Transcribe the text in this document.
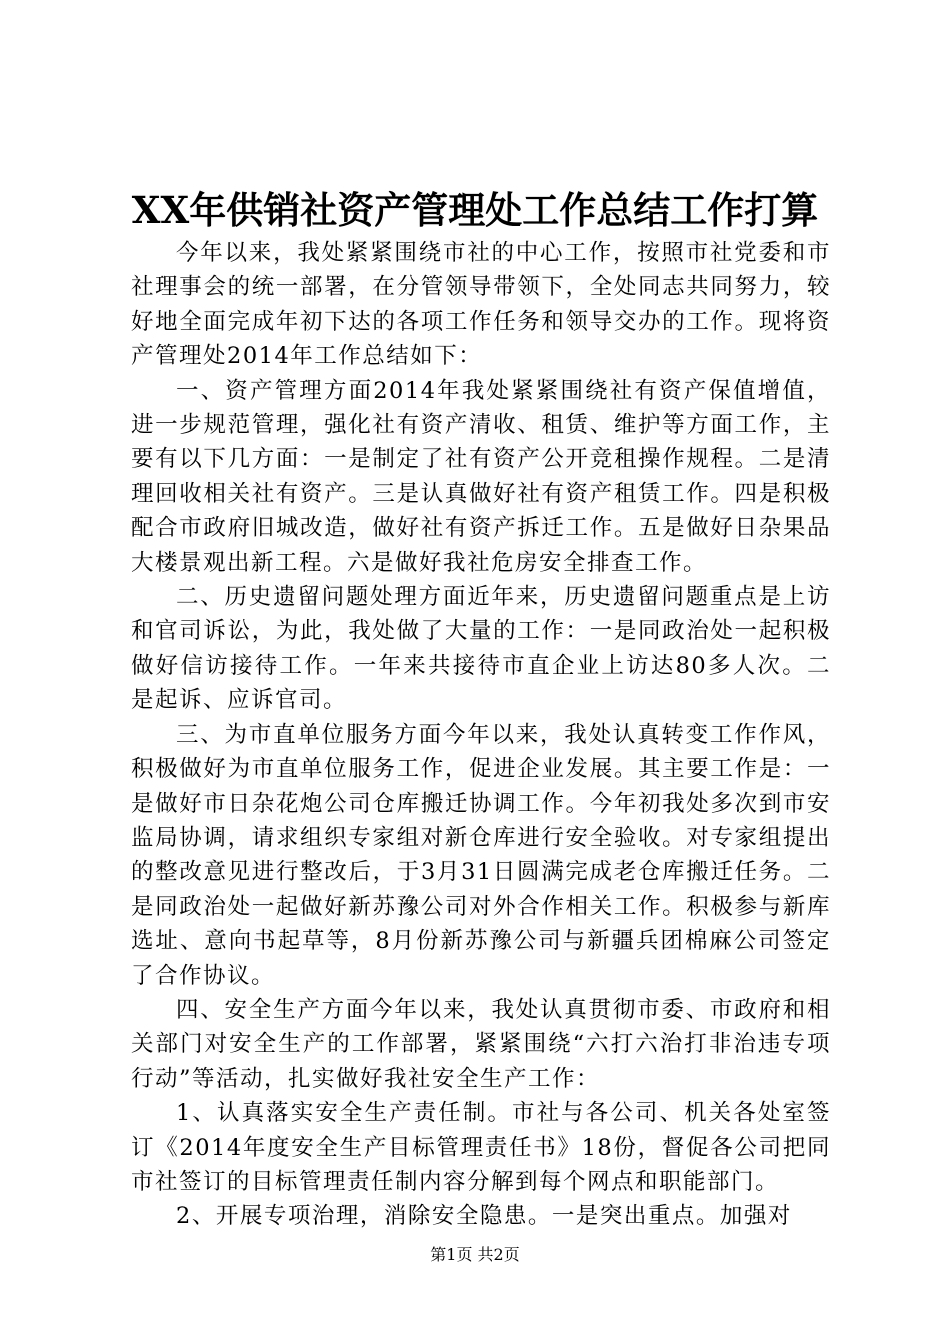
XX年供销社资产管理处工作总结工作打算

今年以来，我处紧紧围绕市社的中心工作，按照市社党委和市社理事会的统一部署，在分管领导带领下，全处同志共同努力，较好地全面完成年初下达的各项工作任务和领导交办的工作。现将资产管理处2014年工作总结如下：

一、资产管理方面2014年我处紧紧围绕社有资产保值增值，进一步规范管理，强化社有资产清收、租赁、维护等方面工作，主要有以下几方面：一是制定了社有资产公开竞租操作规程。二是清理回收相关社有资产。三是认真做好社有资产租赁工作。四是积极配合市政府旧城改造，做好社有资产拆迁工作。五是做好日杂果品大楼景观出新工程。六是做好我社危房安全排查工作。

二、历史遗留问题处理方面近年来，历史遗留问题重点是上访和官司诉讼，为此，我处做了大量的工作：一是同政治处一起积极做好信访接待工作。一年来共接待市直企业上访达80多人次。二是起诉、应诉官司。

三、为市直单位服务方面今年以来，我处认真转变工作作风，积极做好为市直单位服务工作，促进企业发展。其主要工作是：一是做好市日杂花炮公司仓库搬迁协调工作。今年初我处多次到市安监局协调，请求组织专家组对新仓库进行安全验收。对专家组提出的整改意见进行整改后，于3月31日圆满完成老仓库搬迁任务。二是同政治处一起做好新苏豫公司对外合作相关工作。积极参与新库选址、意向书起草等，8月份新苏豫公司与新疆兵团棉麻公司签定了合作协议。

四、安全生产方面今年以来，我处认真贯彻市委、市政府和相关部门对安全生产的工作部署，紧紧围绕“六打六治打非治违专项行动”等活动，扎实做好我社安全生产工作：

1、认真落实安全生产责任制。市社与各公司、机关各处室签订《2014年度安全生产目标管理责任书》18份，督促各公司把同市社签订的目标管理责任制内容分解到每个网点和职能部门。

2、开展专项治理，消除安全隐患。一是突出重点。加强对

第1页 共2页
